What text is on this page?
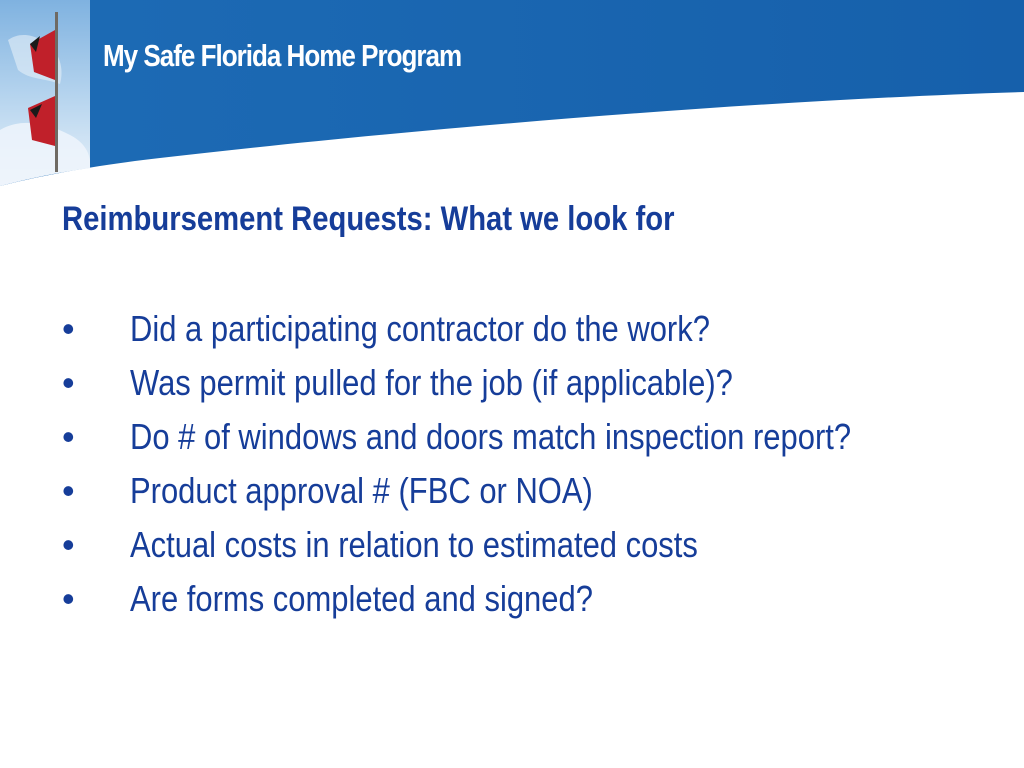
My Safe Florida Home Program
Reimbursement Requests: What we look for
• Did a participating contractor do the work?
• Was permit pulled for the job (if applicable)?
• Do # of windows and doors match inspection report?
• Product approval # (FBC or NOA)
• Actual costs in relation to estimated costs
• Are forms completed and signed?
